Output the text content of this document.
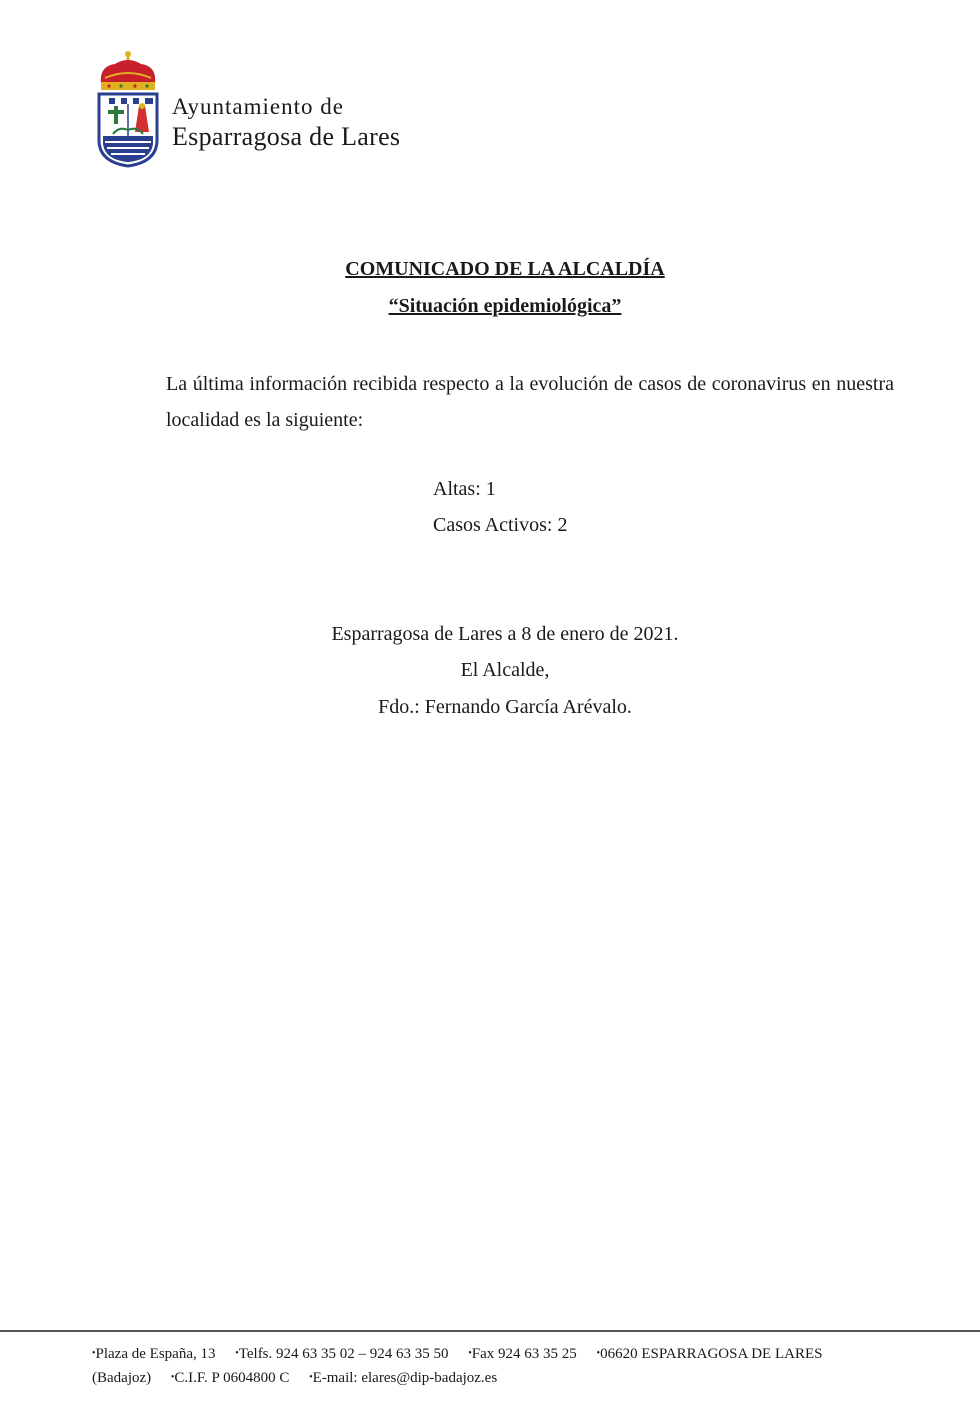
Ayuntamiento de
Esparragosa de Lares
COMUNICADO DE LA ALCALDÍA
“Situación epidemiológica”
La última información recibida respecto a la evolución de casos de coronavirus en nuestra localidad es la siguiente:
Altas: 1
Casos Activos: 2
Esparragosa de Lares a 8 de enero de 2021.
El Alcalde,
Fdo.: Fernando García Arévalo.
•Plaza de España, 13 •Telfs. 924 63 35 02 – 924 63 35 50 •Fax 924 63 35 25 •06620 ESPARRAGOSA DE LARES
(Badajoz) •C.I.F. P 0604800 C •E-mail: elares@dip-badajoz.es
